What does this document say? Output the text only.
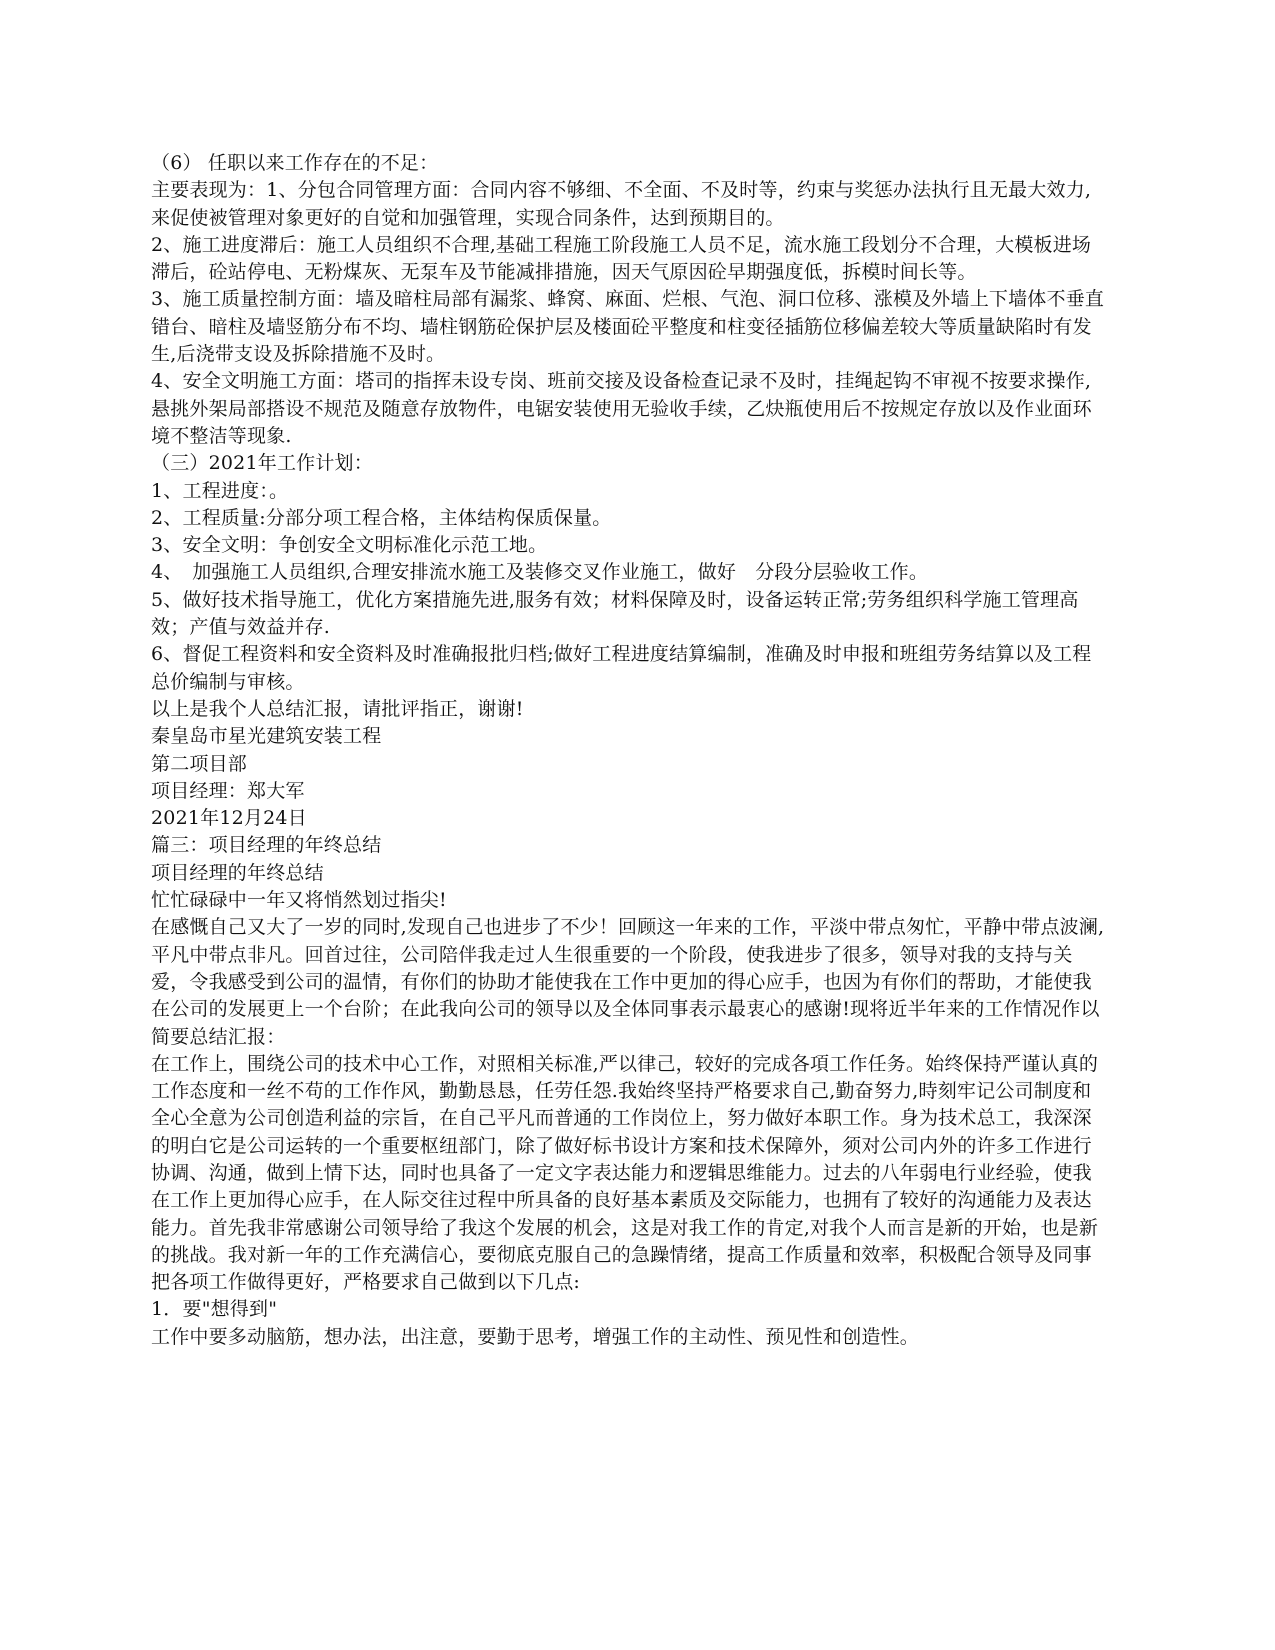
（6） 任职以来工作存在的不足：

主要表现为：1、分包合同管理方面：合同内容不够细、不全面、不及时等，约束与奖惩办法执行且无最大效力,来促使被管理对象更好的自觉和加强管理，实现合同条件，达到预期目的。

2、施工进度滞后：施工人员组织不合理,基础工程施工阶段施工人员不足，流水施工段划分不合理，大模板进场滞后，砼站停电、无粉煤灰、无泵车及节能减排措施，因天气原因砼早期强度低，拆模时间长等。

3、施工质量控制方面：墙及暗柱局部有漏浆、蜂窝、麻面、烂根、气泡、洞口位移、涨模及外墙上下墙体不垂直错台、暗柱及墙竖筋分布不均、墙柱钢筋砼保护层及楼面砼平整度和柱变径插筋位移偏差较大等质量缺陷时有发生,后浇带支设及拆除措施不及时。

4、安全文明施工方面：塔司的指挥未设专岗、班前交接及设备检查记录不及时，挂绳起钩不审视不按要求操作,悬挑外架局部搭设不规范及随意存放物件，电锯安装使用无验收手续，乙炔瓶使用后不按规定存放以及作业面环境不整洁等现象.

（三）2021年工作计划：

1、工程进度：。

2、工程质量:分部分项工程合格，主体结构保质保量。

3、安全文明：争创安全文明标准化示范工地。

4、　加强施工人员组织,合理安排流水施工及装修交叉作业施工，做好　分段分层验收工作。

5、做好技术指导施工，优化方案措施先进,服务有效；材料保障及时，设备运转正常;劳务组织科学施工管理高效；产值与效益并存.

6、督促工程资料和安全资料及时准确报批归档;做好工程进度结算编制，准确及时申报和班组劳务结算以及工程总价编制与审核。

以上是我个人总结汇报，请批评指正，谢谢!

秦皇岛市星光建筑安装工程

第二项目部

项目经理：郑大军

2021年12月24日

篇三：项目经理的年终总结

项目经理的年终总结

忙忙碌碌中一年又将悄然划过指尖!

在感慨自己又大了一岁的同时,发现自己也进步了不少！回顾这一年来的工作，平淡中带点匆忙，平静中带点波澜,平凡中带点非凡。回首过往，公司陪伴我走过人生很重要的一个阶段，使我进步了很多，领导对我的支持与关爱，令我感受到公司的温情，有你们的协助才能使我在工作中更加的得心应手，也因为有你们的帮助，才能使我在公司的发展更上一个台阶；在此我向公司的领导以及全体同事表示最衷心的感谢!现将近半年来的工作情况作以简要总结汇报：

在工作上，围绕公司的技术中心工作，对照相关标准,严以律己，较好的完成各項工作任务。始终保持严谨认真的工作态度和一丝不苟的工作作风，勤勤恳恳，任劳任怨.我始终坚持严格要求自己,勤奋努力,時刻牢记公司制度和全心全意为公司创造利益的宗旨，在自己平凡而普通的工作岗位上，努力做好本职工作。身为技术总工，我深深的明白它是公司运转的一个重要枢纽部门，除了做好标书设计方案和技术保障外，须对公司内外的许多工作进行协调、沟通，做到上情下达，同时也具备了一定文字表达能力和逻辑思维能力。过去的八年弱电行业经验，使我在工作上更加得心应手，在人际交往过程中所具备的良好基本素质及交际能力，也拥有了较好的沟通能力及表达能力。首先我非常感谢公司领导给了我这个发展的机会，这是对我工作的肯定,对我个人而言是新的开始，也是新的挑战。我对新一年的工作充满信心，要彻底克服自己的急躁情绪，提高工作质量和效率，积极配合领导及同事把各项工作做得更好，严格要求自己做到以下几点:

1．要"想得到"

工作中要多动脑筋，想办法，出注意，要勤于思考，增强工作的主动性、预见性和创造性。
